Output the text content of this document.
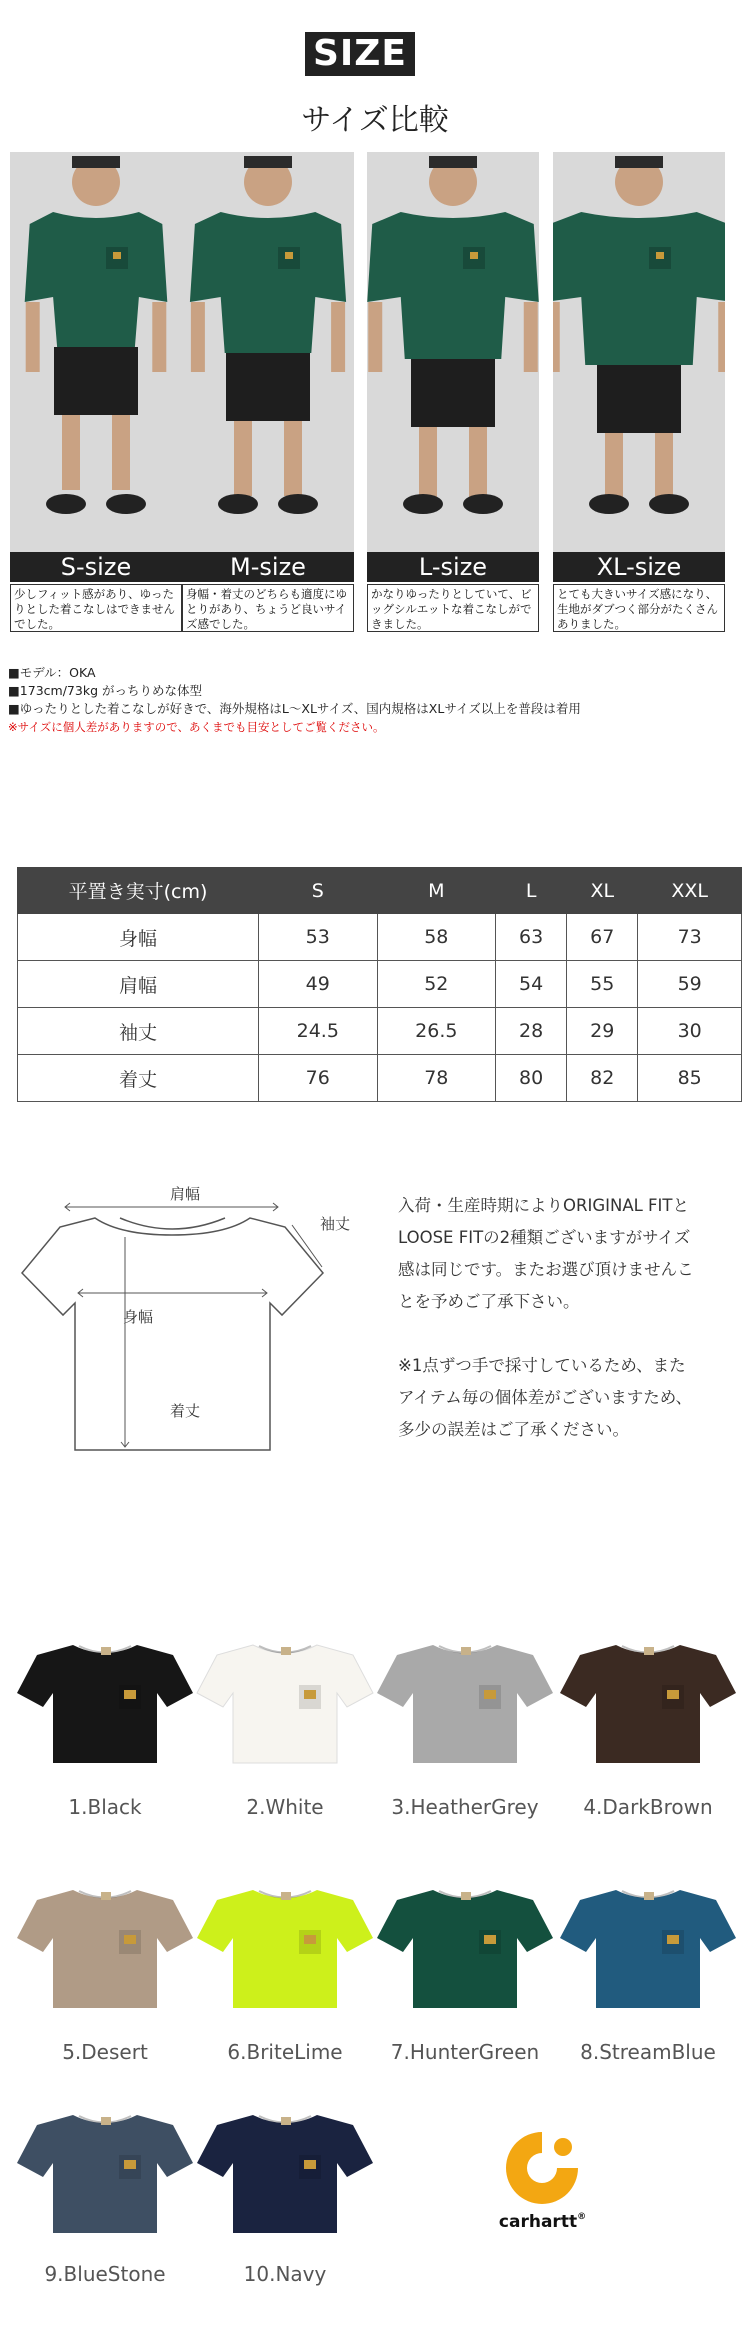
SIZE
サイズ比較
S-size
少しフィット感があり、ゆったりとした着こなしはできませんでした。
M-size
身幅・着丈のどちらも適度にゆとりがあり、ちょうど良いサイズ感でした。
L-size
かなりゆったりとしていて、ビッグシルエットな着こなしができました。
XL-size
とても大きいサイズ感になり、生地がダブつく部分がたくさんありました。
■モデル：OKA
■173cm/73kg がっちりめな体型
■ゆったりとした着こなしが好きで、海外規格はL〜XLサイズ、国内規格はXLサイズ以上を普段は着用
※サイズに個人差がありますので、あくまでも目安としてご覧ください。
平置き実寸(cm)	S	M	L	XL	XXL
身幅	53	58	63	67	73
肩幅	49	52	54	55	59
袖丈	24.5	26.5	28	29	30
着丈	76	78	80	82	85
肩幅
袖丈
身幅
着丈
入荷・生産時期によりORIGINAL FITと
LOOSE FITの2種類ございますがサイズ
感は同じです。またお選び頂けませんこ
とを予めご了承下さい。
※1点ずつ手で採寸しているため、また
アイテム毎の個体差がございますため、
多少の誤差はご了承ください。
1.Black	2.White	3.HeatherGrey	4.DarkBrown
5.Desert	6.BriteLime	7.HunterGreen	8.StreamBlue
9.BlueStone	10.Navy
carhartt®
